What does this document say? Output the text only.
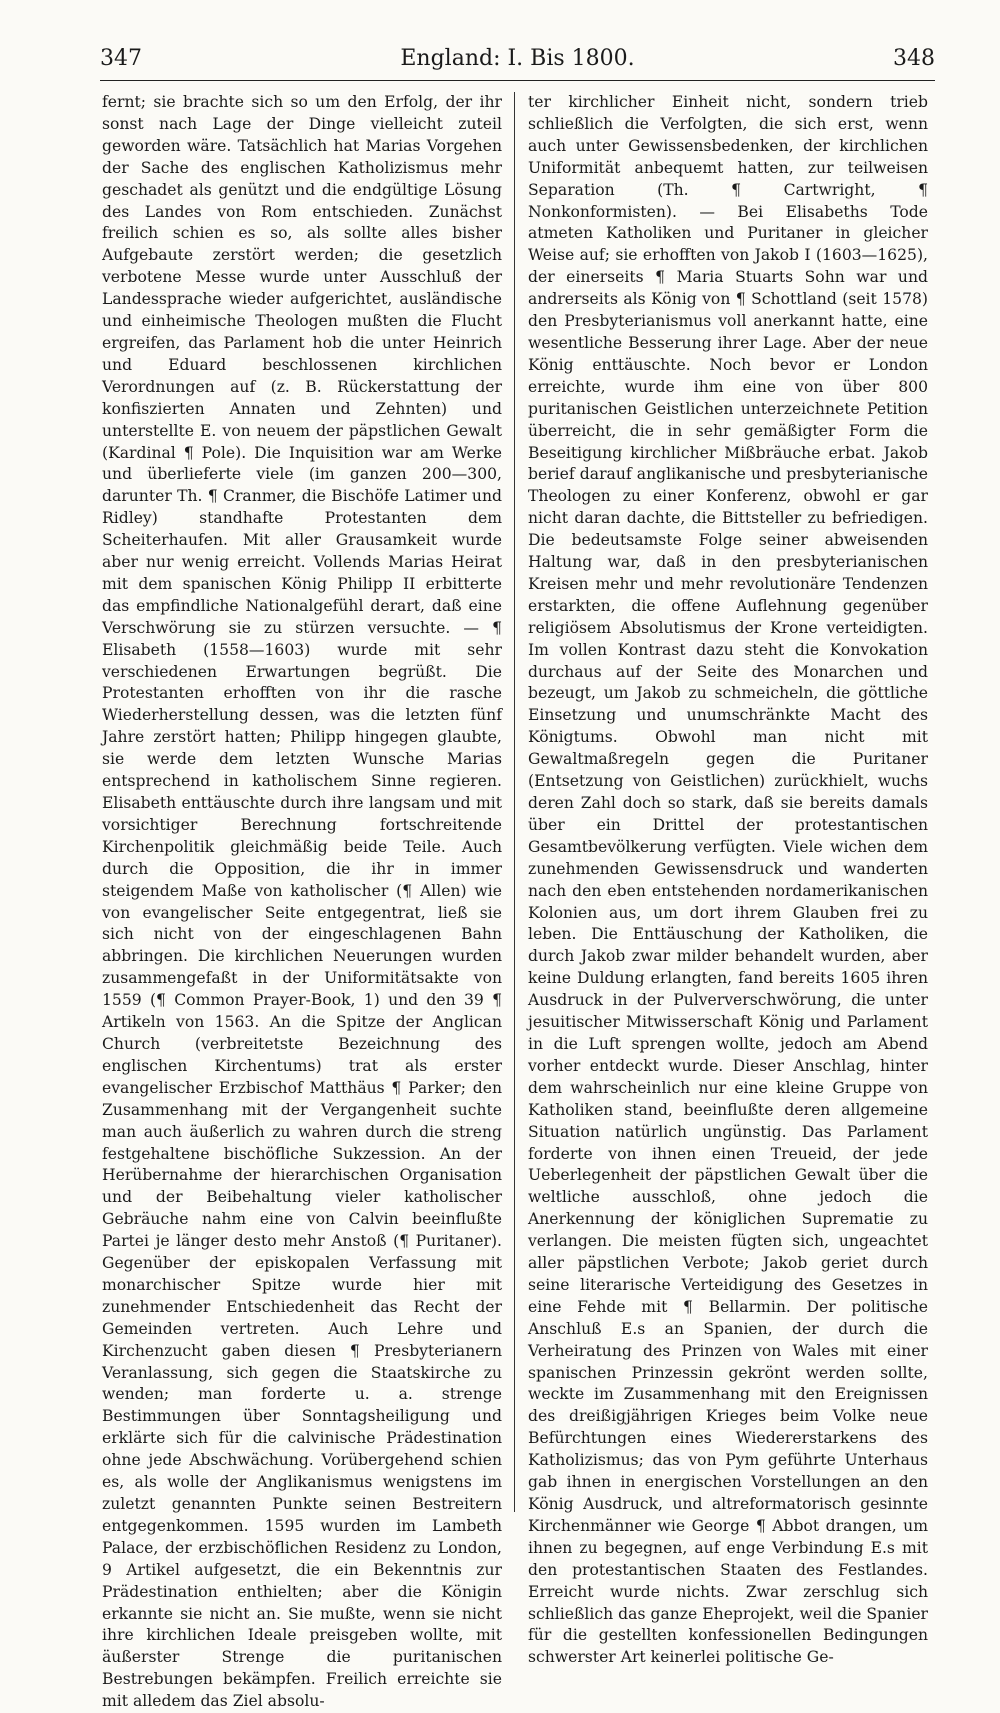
347	England: I. Bis 1800.	348

fernt; sie brachte sich so um den Erfolg, der ihr sonst nach Lage der Dinge vielleicht zuteil geworden wäre. Tatsächlich hat Marias Vorgehen der Sache des englischen Katholizismus mehr geschadet als genützt und die endgültige Lösung des Landes von Rom entschieden. Zunächst freilich schien es so, als sollte alles bisher Aufgebaute zerstört werden; die gesetzlich verbotene Messe wurde unter Ausschluß der Landessprache wieder aufgerichtet, ausländische und einheimische Theologen mußten die Flucht ergreifen, das Parlament hob die unter Heinrich und Eduard beschlossenen kirchlichen Verordnungen auf (z. B. Rückerstattung der konfiszierten Annaten und Zehnten) und unterstellte E. von neuem der päpstlichen Gewalt (Kardinal ¶ Pole). Die Inquisition war am Werke und überlieferte viele (im ganzen 200—300, darunter Th. ¶ Cranmer, die Bischöfe Latimer und Ridley) standhafte Protestanten dem Scheiterhaufen. Mit aller Grausamkeit wurde aber nur wenig erreicht. Vollends Marias Heirat mit dem spanischen König Philipp II erbitterte das empfindliche Nationalgefühl derart, daß eine Verschwörung sie zu stürzen versuchte. — ¶ Elisabeth (1558—1603) wurde mit sehr verschiedenen Erwartungen begrüßt. Die Protestanten erhofften von ihr die rasche Wiederherstellung dessen, was die letzten fünf Jahre zerstört hatten; Philipp hingegen glaubte, sie werde dem letzten Wunsche Marias entsprechend in katholischem Sinne regieren. Elisabeth enttäuschte durch ihre langsam und mit vorsichtiger Berechnung fortschreitende Kirchenpolitik gleichmäßig beide Teile. Auch durch die Opposition, die ihr in immer steigendem Maße von katholischer (¶ Allen) wie von evangelischer Seite entgegentrat, ließ sie sich nicht von der eingeschlagenen Bahn abbringen. Die kirchlichen Neuerungen wurden zusammengefaßt in der Uniformitätsakte von 1559 (¶ Common Prayer-Book, 1) und den 39 ¶ Artikeln von 1563. An die Spitze der Anglican Church (verbreitetste Bezeichnung des englischen Kirchentums) trat als erster evangelischer Erzbischof Matthäus ¶ Parker; den Zusammenhang mit der Vergangenheit suchte man auch äußerlich zu wahren durch die streng festgehaltene bischöfliche Sukzession. An der Herübernahme der hierarchischen Organisation und der Beibehaltung vieler katholischer Gebräuche nahm eine von Calvin beeinflußte Partei je länger desto mehr Anstoß (¶ Puritaner). Gegenüber der episkopalen Verfassung mit monarchischer Spitze wurde hier mit zunehmender Entschiedenheit das Recht der Gemeinden vertreten. Auch Lehre und Kirchenzucht gaben diesen ¶ Presbyterianern Veranlassung, sich gegen die Staatskirche zu wenden; man forderte u. a. strenge Bestimmungen über Sonntagsheiligung und erklärte sich für die calvinische Prädestination ohne jede Abschwächung. Vorübergehend schien es, als wolle der Anglikanismus wenigstens im zuletzt genannten Punkte seinen Bestreitern entgegenkommen. 1595 wurden im Lambeth Palace, der erzbischöflichen Residenz zu London, 9 Artikel aufgesetzt, die ein Bekenntnis zur Prädestination enthielten; aber die Königin erkannte sie nicht an. Sie mußte, wenn sie nicht ihre kirchlichen Ideale preisgeben wollte, mit äußerster Strenge die puritanischen Bestrebungen bekämpfen. Freilich erreichte sie mit alledem das Ziel absolu-

ter kirchlicher Einheit nicht, sondern trieb schließlich die Verfolgten, die sich erst, wenn auch unter Gewissensbedenken, der kirchlichen Uniformität anbequemt hatten, zur teilweisen Separation (Th. ¶ Cartwright, ¶ Nonkonformisten). — Bei Elisabeths Tode atmeten Katholiken und Puritaner in gleicher Weise auf; sie erhofften von Jakob I (1603—1625), der einerseits ¶ Maria Stuarts Sohn war und andrerseits als König von ¶ Schottland (seit 1578) den Presbyterianismus voll anerkannt hatte, eine wesentliche Besserung ihrer Lage. Aber der neue König enttäuschte. Noch bevor er London erreichte, wurde ihm eine von über 800 puritanischen Geistlichen unterzeichnete Petition überreicht, die in sehr gemäßigter Form die Beseitigung kirchlicher Mißbräuche erbat. Jakob berief darauf anglikanische und presbyterianische Theologen zu einer Konferenz, obwohl er gar nicht daran dachte, die Bittsteller zu befriedigen. Die bedeutsamste Folge seiner abweisenden Haltung war, daß in den presbyterianischen Kreisen mehr und mehr revolutionäre Tendenzen erstarkten, die offene Auflehnung gegenüber religiösem Absolutismus der Krone verteidigten. Im vollen Kontrast dazu steht die Konvokation durchaus auf der Seite des Monarchen und bezeugt, um Jakob zu schmeicheln, die göttliche Einsetzung und unumschränkte Macht des Königtums. Obwohl man nicht mit Gewaltmaßregeln gegen die Puritaner (Entsetzung von Geistlichen) zurückhielt, wuchs deren Zahl doch so stark, daß sie bereits damals über ein Drittel der protestantischen Gesamtbevölkerung verfügten. Viele wichen dem zunehmenden Gewissensdruck und wanderten nach den eben entstehenden nordamerikanischen Kolonien aus, um dort ihrem Glauben frei zu leben. Die Enttäuschung der Katholiken, die durch Jakob zwar milder behandelt wurden, aber keine Duldung erlangten, fand bereits 1605 ihren Ausdruck in der Pulververschwörung, die unter jesuitischer Mitwisserschaft König und Parlament in die Luft sprengen wollte, jedoch am Abend vorher entdeckt wurde. Dieser Anschlag, hinter dem wahrscheinlich nur eine kleine Gruppe von Katholiken stand, beeinflußte deren allgemeine Situation natürlich ungünstig. Das Parlament forderte von ihnen einen Treueid, der jede Ueberlegenheit der päpstlichen Gewalt über die weltliche ausschloß, ohne jedoch die Anerkennung der königlichen Suprematie zu verlangen. Die meisten fügten sich, ungeachtet aller päpstlichen Verbote; Jakob geriet durch seine literarische Verteidigung des Gesetzes in eine Fehde mit ¶ Bellarmin. Der politische Anschluß E.s an Spanien, der durch die Verheiratung des Prinzen von Wales mit einer spanischen Prinzessin gekrönt werden sollte, weckte im Zusammenhang mit den Ereignissen des dreißigjährigen Krieges beim Volke neue Befürchtungen eines Wiedererstarkens des Katholizismus; das von Pym geführte Unterhaus gab ihnen in energischen Vorstellungen an den König Ausdruck, und altreformatorisch gesinnte Kirchenmänner wie George ¶ Abbot drangen, um ihnen zu begegnen, auf enge Verbindung E.s mit den protestantischen Staaten des Festlandes. Erreicht wurde nichts. Zwar zerschlug sich schließlich das ganze Eheprojekt, weil die Spanier für die gestellten konfessionellen Bedingungen schwerster Art keinerlei politische Ge-
